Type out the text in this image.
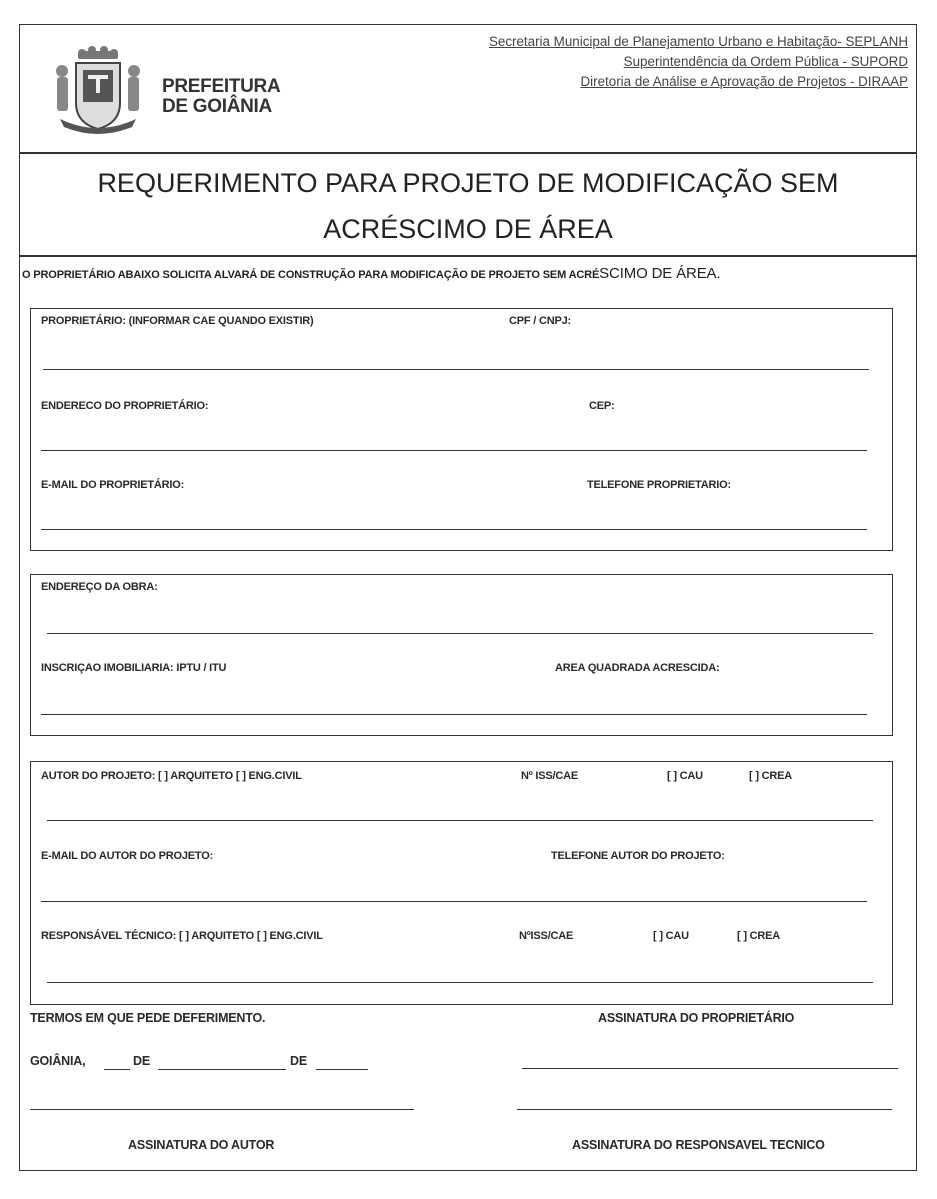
PREFEITURA
DE GOIÂNIA
Secretaria Municipal de Planejamento Urbano e Habitação- SEPLANH
Superintendência da Ordem Pública - SUPORD
Diretoria de Análise e Aprovação de Projetos - DIRAAP
REQUERIMENTO PARA PROJETO DE MODIFICAÇÃO SEM
ACRÉSCIMO DE ÁREA
O PROPRIETÁRIO ABAIXO SOLICITA ALVARÁ DE CONSTRUÇÃO PARA MODIFICAÇÃO DE PROJETO SEM ACRÉSCIMO DE ÁREA.
PROPRIETÁRIO: (INFORMAR CAE QUANDO EXISTIR)	CPF / CNPJ:
ENDERECO DO PROPRIETÁRIO:	CEP:
E-MAIL DO PROPRIETÁRIO:	TELEFONE PROPRIETARIO:
ENDEREÇO DA OBRA:
INSCRIÇAO IMOBILIARIA: IPTU / ITU	AREA QUADRADA ACRESCIDA:
AUTOR DO PROJETO: [ ] ARQUITETO [ ] ENG.CIVIL	Nº ISS/CAE	[ ] CAU	[ ] CREA
E-MAIL DO AUTOR DO PROJETO:	TELEFONE AUTOR DO PROJETO:
RESPONSÁVEL TÉCNICO: [ ] ARQUITETO [ ] ENG.CIVIL	NºISS/CAE	[ ] CAU	[ ] CREA
TERMOS EM QUE PEDE DEFERIMENTO.	ASSINATURA DO PROPRIETÁRIO
GOIÂNIA,	DE	DE
ASSINATURA DO AUTOR	ASSINATURA DO RESPONSAVEL TECNICO
